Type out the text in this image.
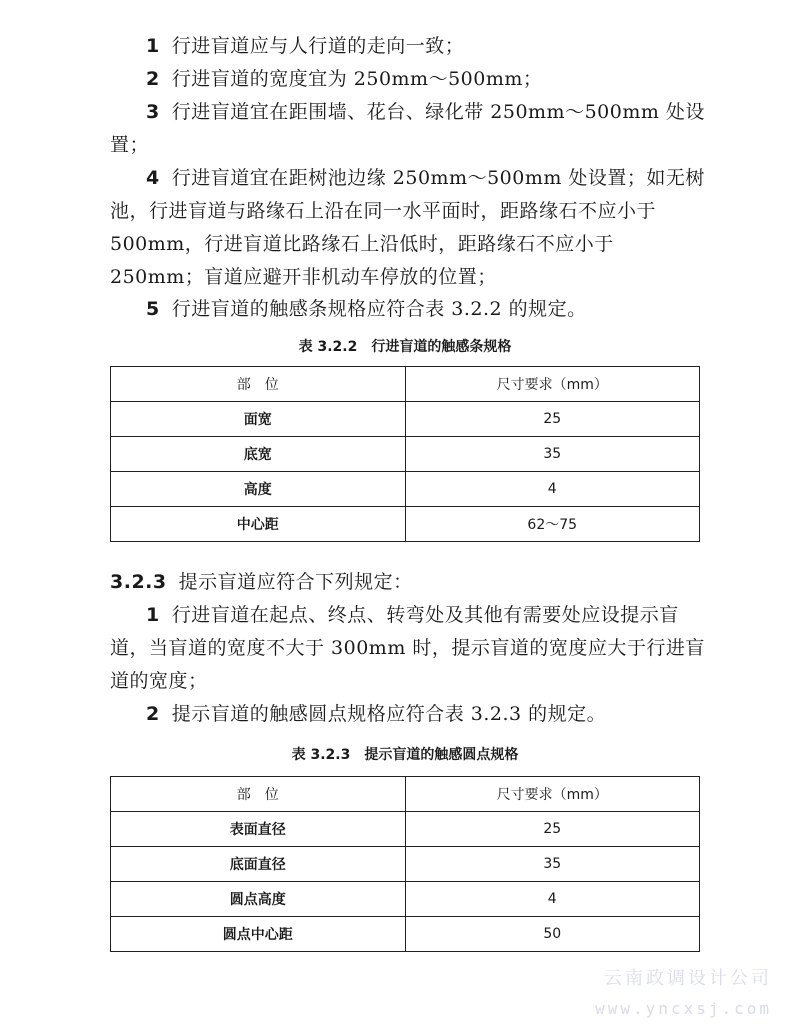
1 行进盲道应与人行道的走向一致；
2 行进盲道的宽度宜为 250mm～500mm；
3 行进盲道宜在距围墙、花台、绿化带 250mm～500mm 处设置；
4 行进盲道宜在距树池边缘 250mm～500mm 处设置；如无树池，行进盲道与路缘石上沿在同一水平面时，距路缘石不应小于 500mm，行进盲道比路缘石上沿低时，距路缘石不应小于 250mm；盲道应避开非机动车停放的位置；
5 行进盲道的触感条规格应符合表 3.2.2 的规定。
表 3.2.2 行进盲道的触感条规格
部　位	尺寸要求（mm）
面宽	25
底宽	35
高度	4
中心距	62～75
3.2.3 提示盲道应符合下列规定：
1 行进盲道在起点、终点、转弯处及其他有需要处应设提示盲道，当盲道的宽度不大于 300mm 时，提示盲道的宽度应大于行进盲道的宽度；
2 提示盲道的触感圆点规格应符合表 3.2.3 的规定。
表 3.2.3 提示盲道的触感圆点规格
部　位	尺寸要求（mm）
表面直径	25
底面直径	35
圆点高度	4
圆点中心距	50
云南政调设计公司
www.yncxsj.com
